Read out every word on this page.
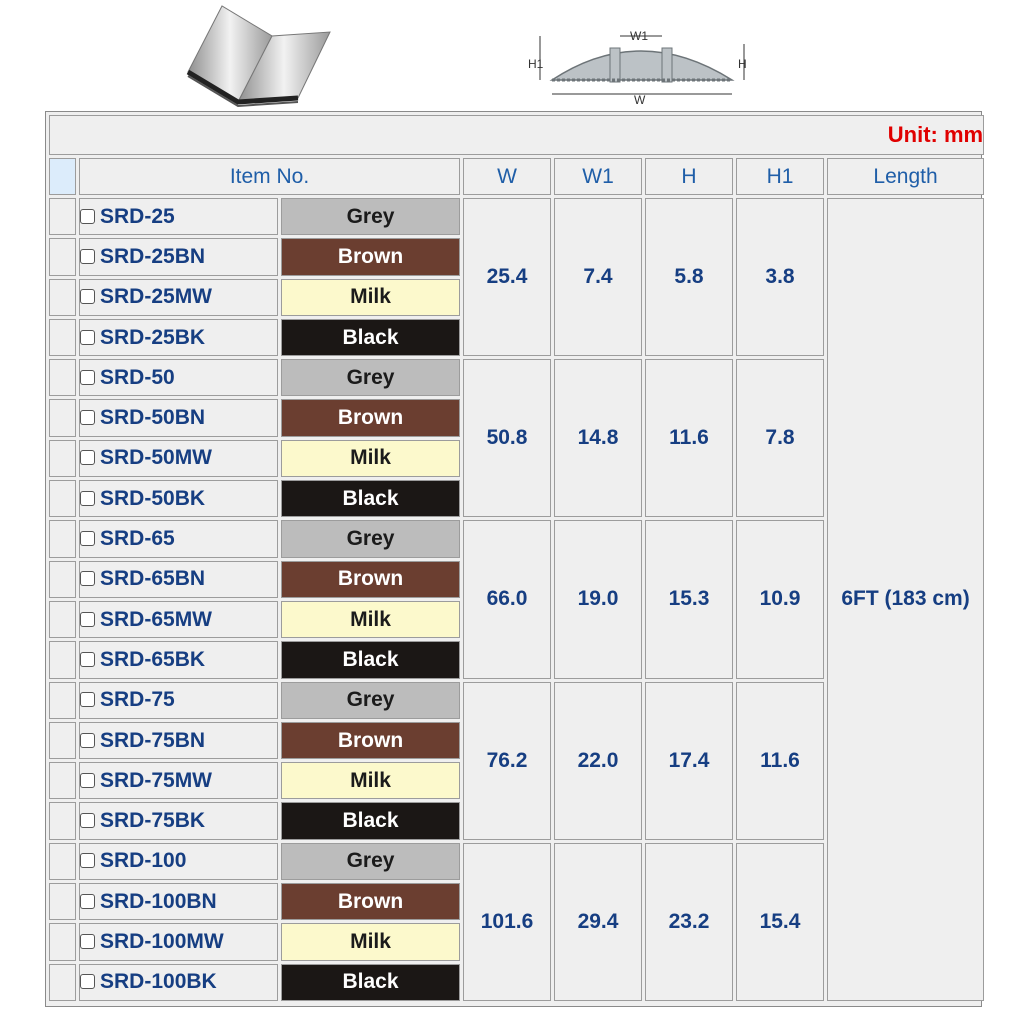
W1
H1	H
W
Unit: mm							
	Item No.		W	W1	H	H1	Length
	SRD-25	Grey	25.4	7.4	5.8	3.8	6FT (183 cm)
	SRD-25BN	Brown					
	SRD-25MW	Milk					
	SRD-25BK	Black					
	SRD-50	Grey	50.8	14.8	11.6	7.8	
	SRD-50BN	Brown					
	SRD-50MW	Milk					
	SRD-50BK	Black					
	SRD-65	Grey	66.0	19.0	15.3	10.9	
	SRD-65BN	Brown					
	SRD-65MW	Milk					
	SRD-65BK	Black					
	SRD-75	Grey	76.2	22.0	17.4	11.6	
	SRD-75BN	Brown					
	SRD-75MW	Milk					
	SRD-75BK	Black					
	SRD-100	Grey	101.6	29.4	23.2	15.4	
	SRD-100BN	Brown					
	SRD-100MW	Milk					
	SRD-100BK	Black					
